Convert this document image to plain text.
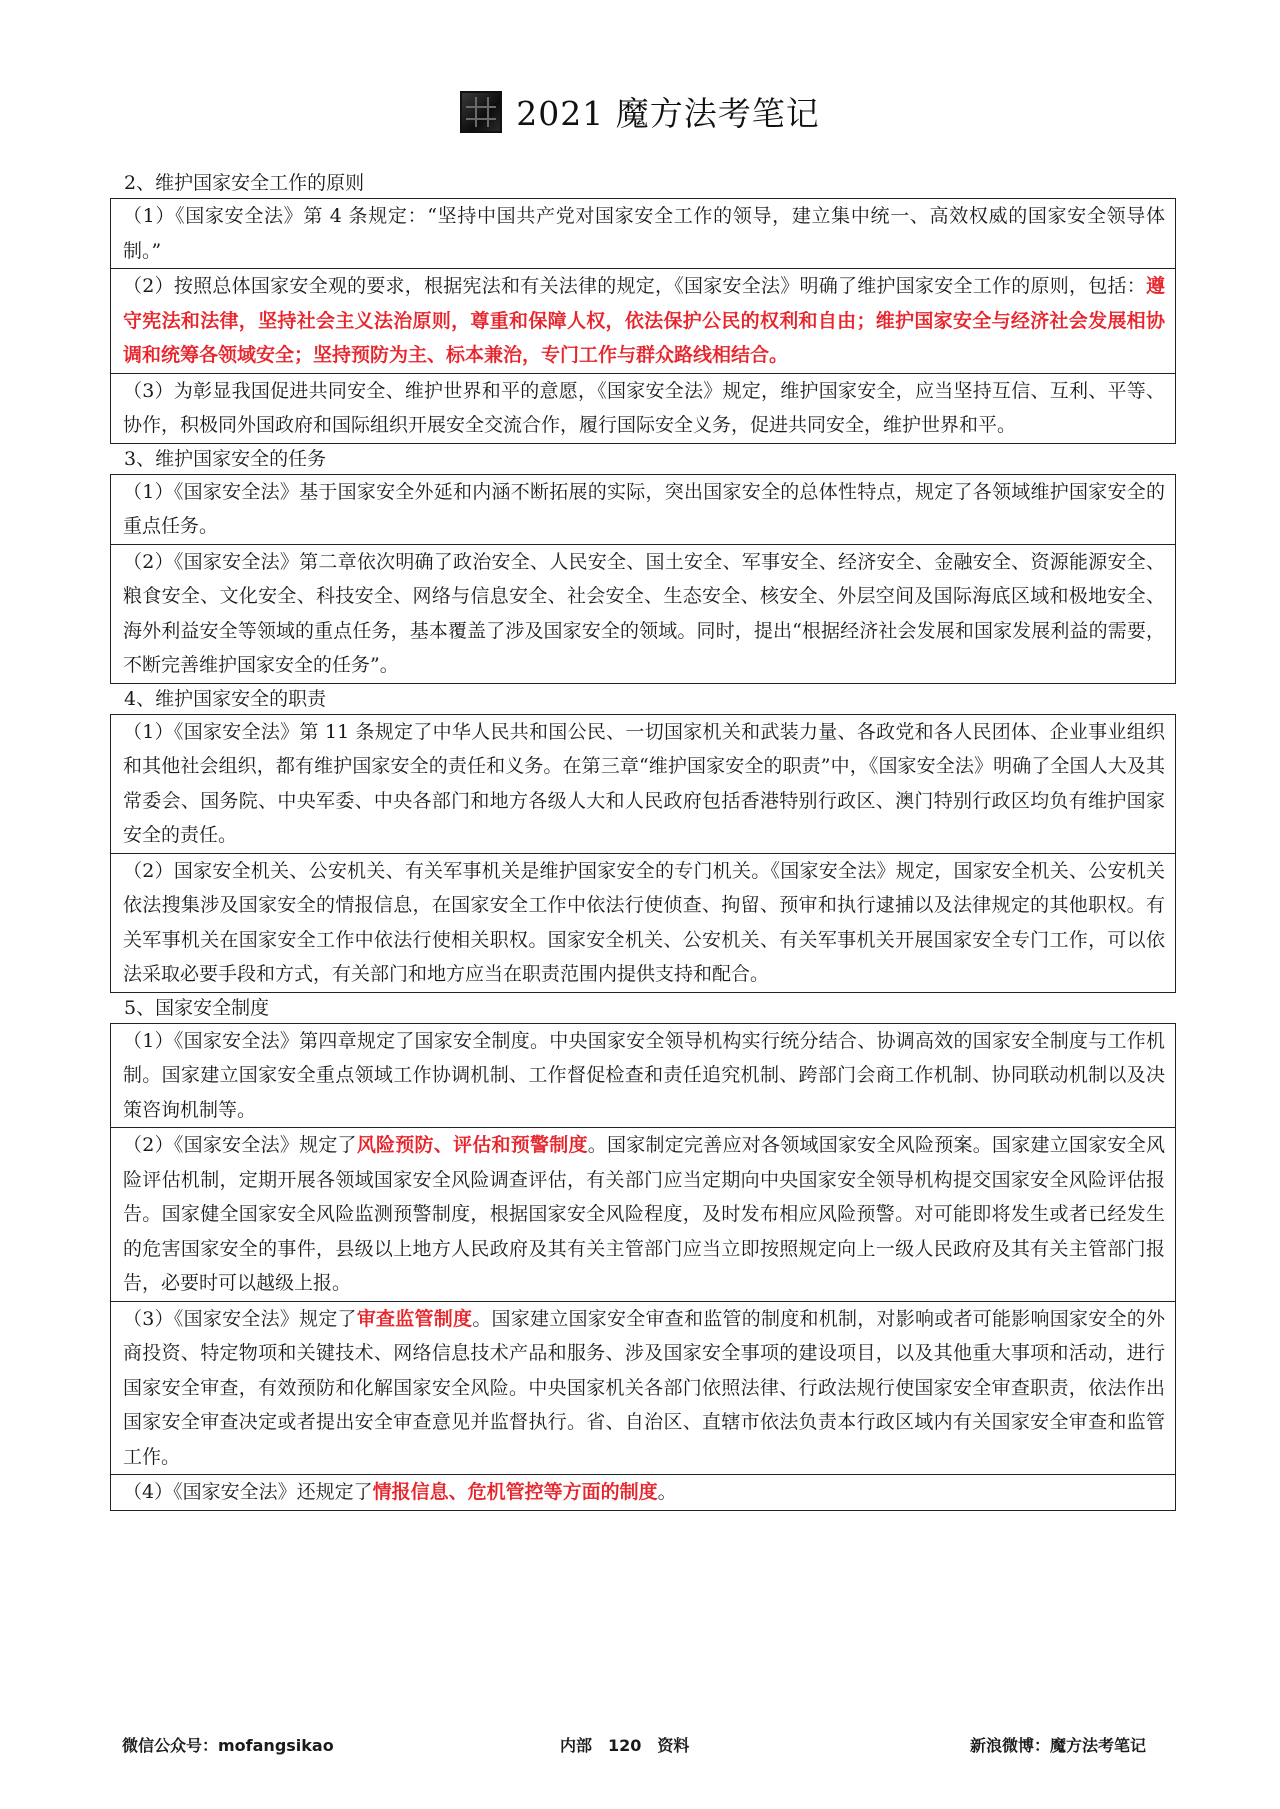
2021 魔方法考笔记
2、维护国家安全工作的原则
（1）《国家安全法》第 4 条规定：“坚持中国共产党对国家安全工作的领导，建立集中统一、高效权威的国家安全领导体制。”
（2）按照总体国家安全观的要求，根据宪法和有关法律的规定，《国家安全法》明确了维护国家安全工作的原则，包括：遵守宪法和法律，坚持社会主义法治原则，尊重和保障人权，依法保护公民的权利和自由；维护国家安全与经济社会发展相协调和统筹各领域安全；坚持预防为主、标本兼治，专门工作与群众路线相结合。
（3）为彰显我国促进共同安全、维护世界和平的意愿，《国家安全法》规定，维护国家安全，应当坚持互信、互利、平等、协作，积极同外国政府和国际组织开展安全交流合作，履行国际安全义务，促进共同安全，维护世界和平。
3、维护国家安全的任务
（1）《国家安全法》基于国家安全外延和内涵不断拓展的实际，突出国家安全的总体性特点，规定了各领域维护国家安全的重点任务。
（2）《国家安全法》第二章依次明确了政治安全、人民安全、国土安全、军事安全、经济安全、金融安全、资源能源安全、粮食安全、文化安全、科技安全、网络与信息安全、社会安全、生态安全、核安全、外层空间及国际海底区域和极地安全、海外利益安全等领域的重点任务，基本覆盖了涉及国家安全的领域。同时，提出“根据经济社会发展和国家发展利益的需要，不断完善维护国家安全的任务”。
4、维护国家安全的职责
（1）《国家安全法》第 11 条规定了中华人民共和国公民、一切国家机关和武装力量、各政党和各人民团体、企业事业组织和其他社会组织，都有维护国家安全的责任和义务。在第三章“维护国家安全的职责”中，《国家安全法》明确了全国人大及其常委会、国务院、中央军委、中央各部门和地方各级人大和人民政府包括香港特别行政区、澳门特别行政区均负有维护国家安全的责任。
（2）国家安全机关、公安机关、有关军事机关是维护国家安全的专门机关。《国家安全法》规定，国家安全机关、公安机关依法搜集涉及国家安全的情报信息，在国家安全工作中依法行使侦查、拘留、预审和执行逮捕以及法律规定的其他职权。有关军事机关在国家安全工作中依法行使相关职权。国家安全机关、公安机关、有关军事机关开展国家安全专门工作，可以依法采取必要手段和方式，有关部门和地方应当在职责范围内提供支持和配合。
5、国家安全制度
（1）《国家安全法》第四章规定了国家安全制度。中央国家安全领导机构实行统分结合、协调高效的国家安全制度与工作机制。国家建立国家安全重点领域工作协调机制、工作督促检查和责任追究机制、跨部门会商工作机制、协同联动机制以及决策咨询机制等。
（2）《国家安全法》规定了风险预防、评估和预警制度。国家制定完善应对各领域国家安全风险预案。国家建立国家安全风险评估机制，定期开展各领域国家安全风险调查评估，有关部门应当定期向中央国家安全领导机构提交国家安全风险评估报告。国家健全国家安全风险监测预警制度，根据国家安全风险程度，及时发布相应风险预警。对可能即将发生或者已经发生的危害国家安全的事件，县级以上地方人民政府及其有关主管部门应当立即按照规定向上一级人民政府及其有关主管部门报告，必要时可以越级上报。
（3）《国家安全法》规定了审查监管制度。国家建立国家安全审查和监管的制度和机制，对影响或者可能影响国家安全的外商投资、特定物项和关键技术、网络信息技术产品和服务、涉及国家安全事项的建设项目，以及其他重大事项和活动，进行国家安全审查，有效预防和化解国家安全风险。中央国家机关各部门依照法律、行政法规行使国家安全审查职责，依法作出国家安全审查决定或者提出安全审查意见并监督执行。省、自治区、直辖市依法负责本行政区域内有关国家安全审查和监管工作。
（4）《国家安全法》还规定了情报信息、危机管控等方面的制度。
微信公众号：mofangsikao	内部　120　资料	新浪微博：魔方法考笔记
